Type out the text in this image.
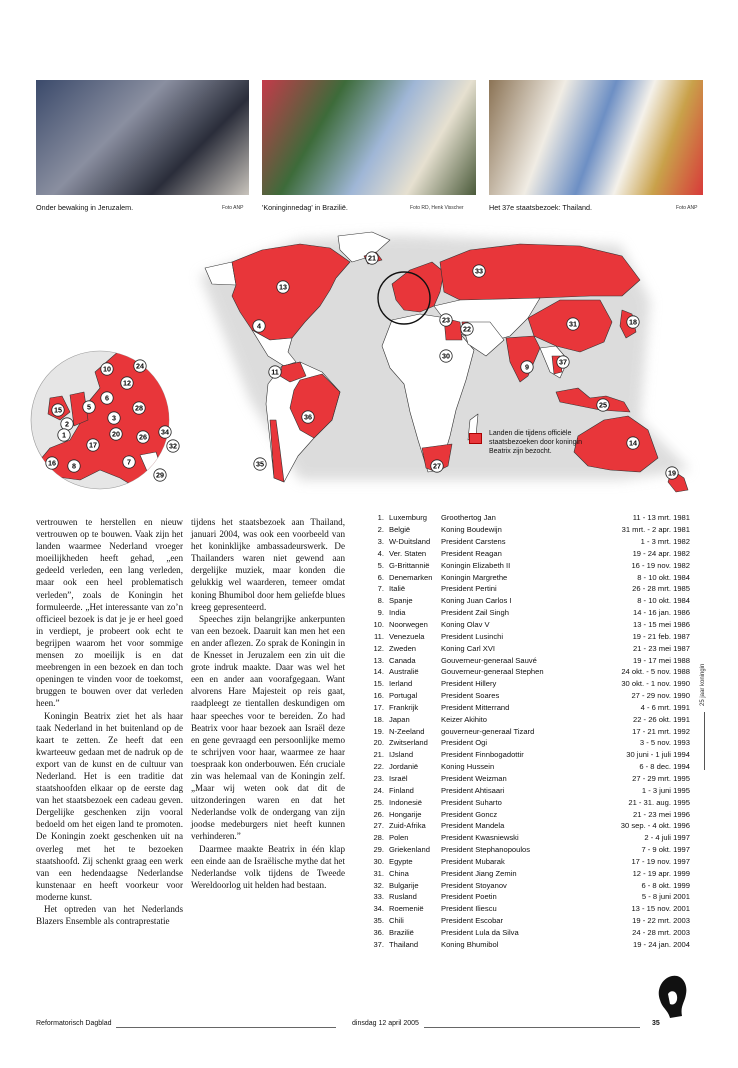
Onder bewaking in Jeruzalem.	Foto ANP	'Koninginnedag' in Brazilië.	Foto RD, Henk Visscher	Het 37e staatsbezoek: Thailand.	Foto ANP
21
13
33
4	18
31
23
22
30
11
9
37
25
36
14
35	27
19
10	24
12
15	5
6
28
3
2
1	20	26
34
17	32
7
16 8
29
Landen die tijdens officiële staatsbezoeken door koningin Beatrix zijn bezocht.

vertrouwen te herstellen en nieuw vertrouwen op te bouwen. Vaak zijn het landen waarmee Nederland vroeger moeilijkheden heeft gehad, „een gedeeld verleden, een lang verleden, maar ook een heel problematisch verleden”, zoals de Koningin het formuleerde. „Het interessante van zo’n officieel bezoek is dat je je er heel goed in verdiept, je probeert ook echt te begrijpen waarom het voor sommige mensen zo moeilijk is en dat meebrengen in een bezoek en dan toch openingen te vinden voor de toekomst, bruggen te bouwen over dat verleden heen.”

Koningin Beatrix ziet het als haar taak Nederland in het buitenland op de kaart te zetten. Ze heeft dat een kwarteeuw gedaan met de nadruk op de export van de kunst en de cultuur van Nederland. Het is een traditie dat staatshoofden elkaar op de eerste dag van het staatsbezoek een cadeau geven. Dergelijke geschenken zijn vooral bedoeld om het eigen land te promoten. De Koningin zoekt geschenken uit na overleg met het te bezoeken staatshoofd. Zij schenkt graag een werk van een hedendaagse Nederlandse kunstenaar en heeft voorkeur voor moderne kunst.

Het optreden van het Nederlands Blazers Ensemble als contraprestatie

tijdens het staatsbezoek aan Thailand, januari 2004, was ook een voorbeeld van het koninklijke ambassadeurswerk. De Thailanders waren niet gewend aan dergelijke muziek, maar konden die gelukkig wel waarderen, temeer omdat koning Bhumibol door hem geliefde blues kreeg gepresenteerd.

Speeches zijn belangrijke ankerpunten van een bezoek. Daaruit kan men het een en ander aflezen. Zo sprak de Koningin in de Knesset in Jeruzalem een zin uit die grote indruk maakte. Daar was wel het een en ander aan voorafgegaan. Want alvorens Hare Majesteit op reis gaat, raadpleegt ze tientallen deskundigen om haar speeches voor te bereiden. Zo had Beatrix voor haar bezoek aan Israël deze en gene gevraagd een persoonlijke memo te schrijven voor haar, waarmee ze haar toespraak kon onderbouwen. Eén cruciale zin was helemaal van de Koningin zelf. „Maar wij weten ook dat dit de uitzonderingen waren en dat het Nederlandse volk de ondergang van zijn joodse medeburgers niet heeft kunnen verhinderen.”

Daarmee maakte Beatrix in één klap een einde aan de Israëlische mythe dat het Nederlandse volk tijdens de Tweede Wereldoorlog uit helden had bestaan.

1.	Luxemburg	Groothertog Jan	11 - 13 mrt. 1981
2.	België	Koning Boudewijn	31 mrt. - 2 apr. 1981
3.	W-Duitsland	President Carstens	1 - 3 mrt. 1982
4.	Ver. Staten	President Reagan	19 - 24 apr. 1982
5.	G-Brittannië	Koningin Elizabeth II	16 - 19 nov. 1982
6.	Denemarken	Koningin Margrethe	8 - 10 okt. 1984
7.	Italië	President Pertini	26 - 28 mrt. 1985
8.	Spanje	Koning Juan Carlos I	8 - 10 okt. 1984
9.	India	President Zail Singh	14 - 16 jan. 1986
10.	Noorwegen	Koning Olav V	13 - 15 mei 1986
11.	Venezuela	President Lusinchi	19 - 21 feb. 1987
12.	Zweden	Koning Carl XVI	21 - 23 mei 1987
13.	Canada	Gouverneur-generaal Sauvé	19 - 17 mei 1988
14.	Australië	Gouverneur-generaal Stephen	24 okt. - 5 nov. 1988
15.	Ierland	President Hillery	30 okt. - 1 nov. 1990
16.	Portugal	President Soares	27 - 29 nov. 1990
17.	Frankrijk	President Mitterrand	4 - 6 mrt. 1991
18.	Japan	Keizer Akihito	22 - 26 okt. 1991
19.	N-Zeeland	gouverneur-generaal Tizard	17 - 21 mrt. 1992
20.	Zwitserland	President Ogi	3 - 5 nov. 1993
21.	IJsland	President Finnbogadottir	30 juni - 1 juli 1994
22.	Jordanië	Koning Hussein	6 - 8 dec. 1994
23.	Israël	President Weizman	27 - 29 mrt. 1995
24.	Finland	President Ahtisaari	1 - 3 juni 1995
25.	Indonesië	President Suharto	21 - 31. aug. 1995
26.	Hongarije	President Goncz	21 - 23 mei 1996
27.	Zuid-Afrika	President Mandela	30 sep. - 4 okt. 1996
28.	Polen	President Kwasniewski	2 - 4 juli 1997
29.	Griekenland	President Stephanopoulos	7 - 9 okt. 1997
30.	Egypte	President Mubarak	17 - 19 nov. 1997
31.	China	President Jiang Zemin	12 - 19 apr. 1999
32.	Bulgarije	President Stoyanov	6 - 8 okt. 1999
33.	Rusland	President Poetin	5 - 8 juni 2001
34.	Roemenië	President Iliescu	13 - 15 nov. 2001
35.	Chili	President Escobar	19 - 22 mrt. 2003
36.	Brazilië	President Lula da Silva	24 - 28 mrt. 2003
37.	Thailand	Koning Bhumibol	19 - 24 jan. 2004
25 jaar koningin
Reformatorisch Dagblad	dinsdag 12 april 2005	35
